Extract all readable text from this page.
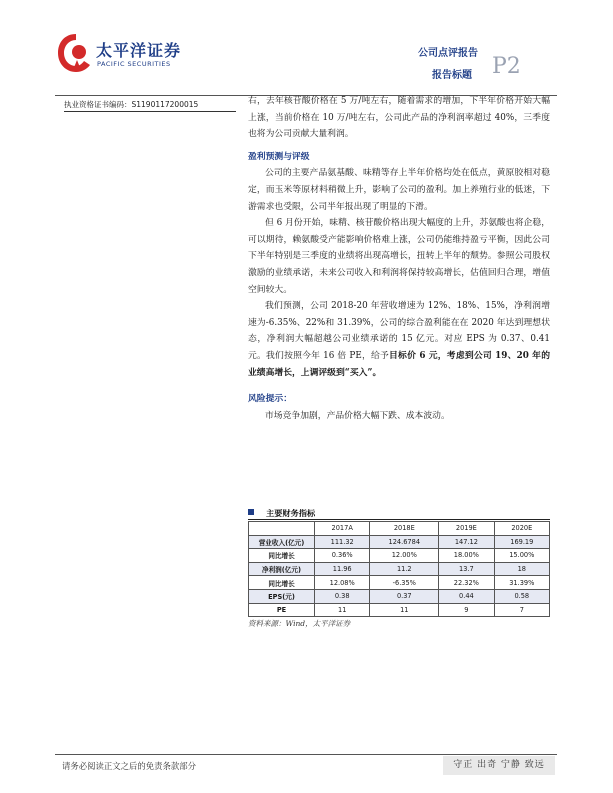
太平洋证券
PACIFIC SECURITIES
公司点评报告
报告标题 P2
执业资格证书编码：S1190117200015	右，去年核苷酸价格在 5 万/吨左右，随着需求的增加，下半年价格开始大幅上涨，当前价格在 10 万/吨左右，公司此产品的净利润率超过 40%，三季度也将为公司贡献大量利润。

盈利预测与评级

公司的主要产品氨基酸、味精等存上半年价格均处在低点，黄原胶相对稳定，而玉米等原材料稍微上升，影响了公司的盈利。加上养殖行业的低迷，下游需求也受限，公司半年报出现了明显的下滑。

但 6 月份开始，味精、核苷酸价格出现大幅度的上升，苏氨酸也将企稳，可以期待，赖氨酸受产能影响价格难上涨，公司仍能维持盈亏平衡，因此公司下半年特别是三季度的业绩将出现高增长，扭转上半年的颓势。参照公司股权激励的业绩承诺，未来公司收入和利润将保持较高增长，估值回归合理，增值空间较大。

我们预测，公司 2018-20 年营收增速为 12%、18%、15%，净利润增速为-6.35%、22%和 31.39%，公司的综合盈利能在在 2020 年达到理想状态，净利润大幅超越公司业绩承诺的 15 亿元。对应 EPS 为 0.37、0.41 元。我们按照今年 16 倍 PE，给予目标价 6 元，考虑到公司 19、20 年的业绩高增长，上调评级到“买入”。

风险提示：

市场竞争加剧，产品价格大幅下跌、成本波动。

主要财务指标
	2017A	2018E	2019E	2020E
营业收入(亿元)	111.32	124.6784	147.12	169.19
同比增长	0.36%	12.00%	18.00%	15.00%
净利润(亿元)	11.96	11.2	13.7	18
同比增长	12.08%	-6.35%	22.32%	31.39%
EPS(元)	0.38	0.37	0.44	0.58
PE	11	11	9	7
资料来源：Wind，太平洋证券
请务必阅读正文之后的免责条款部分	守正 出奇 宁静 致远
